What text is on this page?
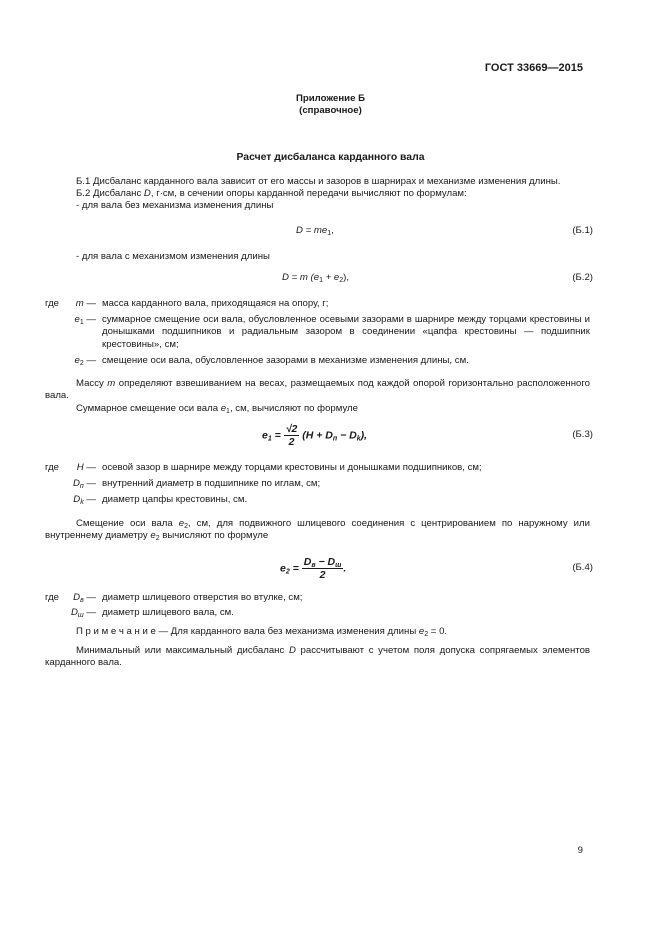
ГОСТ 33669—2015
Приложение Б
(справочное)
Расчет дисбаланса карданного вала
Б.1 Дисбаланс карданного вала зависит от его массы и зазоров в шарнирах и механизме изменения длины.
Б.2 Дисбаланс D, г·см, в сечении опоры карданной передачи вычисляют по формулам:
- для вала без механизма изменения длины
$D = me_1$,	(Б.1)
- для вала с механизмом изменения длины
D = m $(e_1 + e_2)$,	(Б.2)
где	m — масса карданного вала, приходящаяся на опору, г;
$e_1$ — суммарное смещение оси вала, обусловленное осевыми зазорами в шарнире между торцами крестовины и донышками подшипников и радиальным зазором в соединении «цапфа крестовины — подшипник крестовины», см;
$e_2$ — смещение оси вала, обусловленное зазорами в механизме изменения длины, см.
Массу m определяют взвешиванием на весах, размещаемых под каждой опорой горизонтально расположенного вала.
Суммарное смещение оси вала $e_1$, см, вычисляют по формуле
$e_1 = \frac{√2}{2} (H + D_п - D_k)$,	(Б.3)
где	H — осевой зазор в шарнире между торцами крестовины и донышками подшипников, см;
$D_п$ — внутренний диаметр в подшипнике по иглам, см;
$D_k$ — диаметр цапфы крестовины, см.
Смещение оси вала $e_2$, см, для подвижного шлицевого соединения с центрированием по наружному или внутреннему диаметру $e_2$ вычисляют по формуле
$e_2 = \frac{D_в - D_ш}{2}$ .	(Б.4)
где	$D_в$ — диаметр шлицевого отверстия во втулке, см;
$D_ш$ — диаметр шлицевого вала, см.
П р и м е ч а н и е — Для карданного вала без механизма изменения длины $e_2 = 0$.
Минимальный или максимальный дисбаланс D рассчитывают с учетом поля допуска сопрягаемых элементов карданного вала.
9
